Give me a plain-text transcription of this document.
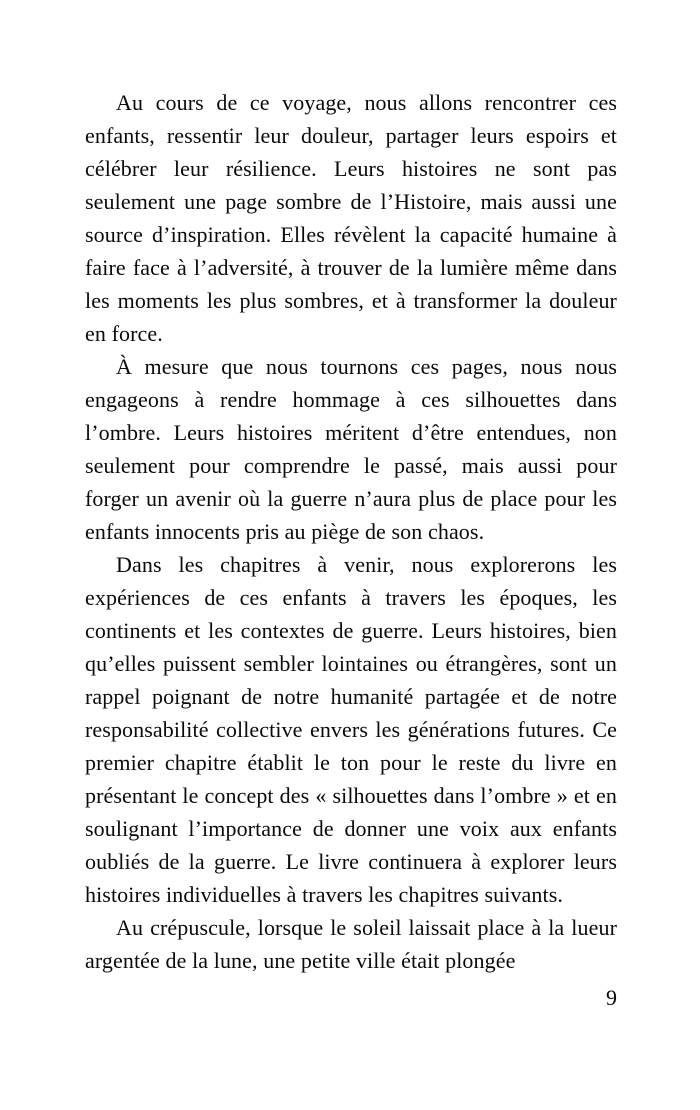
Au cours de ce voyage, nous allons rencontrer ces enfants, ressentir leur douleur, partager leurs espoirs et célébrer leur résilience. Leurs histoires ne sont pas seulement une page sombre de l’Histoire, mais aussi une source d’inspiration. Elles révèlent la capacité humaine à faire face à l’adversité, à trouver de la lumière même dans les moments les plus sombres, et à transformer la douleur en force.

À mesure que nous tournons ces pages, nous nous engageons à rendre hommage à ces silhouettes dans l’ombre. Leurs histoires méritent d’être entendues, non seulement pour comprendre le passé, mais aussi pour forger un avenir où la guerre n’aura plus de place pour les enfants innocents pris au piège de son chaos.

Dans les chapitres à venir, nous explorerons les expériences de ces enfants à travers les époques, les continents et les contextes de guerre. Leurs histoires, bien qu’elles puissent sembler lointaines ou étrangères, sont un rappel poignant de notre humanité partagée et de notre responsabilité collective envers les générations futures. Ce premier chapitre établit le ton pour le reste du livre en présentant le concept des « silhouettes dans l’ombre » et en soulignant l’importance de donner une voix aux enfants oubliés de la guerre. Le livre continuera à explorer leurs histoires individuelles à travers les chapitres suivants.

Au crépuscule, lorsque le soleil laissait place à la lueur argentée de la lune, une petite ville était plongée

9
